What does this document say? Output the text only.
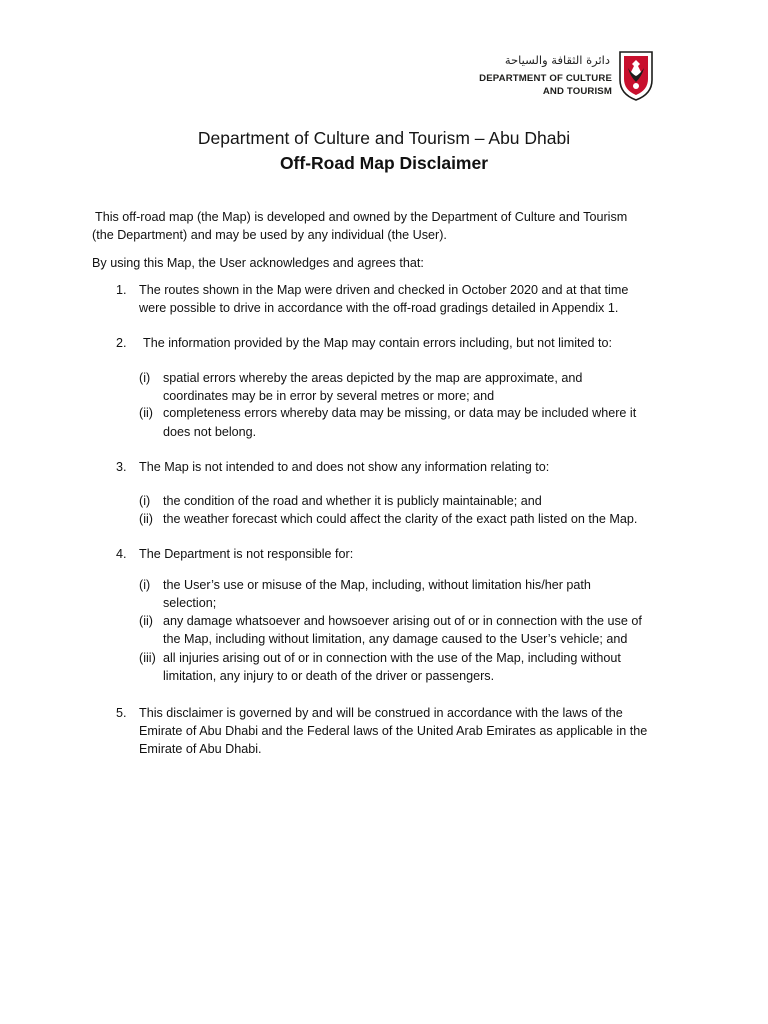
دائرة الثقافة والسياحة
DEPARTMENT OF CULTURE
AND TOURISM
Department of Culture and Tourism – Abu Dhabi
Off-Road Map Disclaimer
This off-road map (the Map) is developed and owned by the Department of Culture and Tourism
(the Department) and may be used by any individual (the User).
By using this Map, the User acknowledges and agrees that:
1. The routes shown in the Map were driven and checked in October 2020 and at that time
were possible to drive in accordance with the off-road gradings detailed in Appendix 1.
2. The information provided by the Map may contain errors including, but not limited to:
(i) spatial errors whereby the areas depicted by the map are approximate, and
coordinates may be in error by several metres or more; and
(ii) completeness errors whereby data may be missing, or data may be included where it
does not belong.
3. The Map is not intended to and does not show any information relating to:
(i) the condition of the road and whether it is publicly maintainable; and
(ii) the weather forecast which could affect the clarity of the exact path listed on the Map.
4. The Department is not responsible for:
(i) the User’s use or misuse of the Map, including, without limitation his/her path
selection;
(ii) any damage whatsoever and howsoever arising out of or in connection with the use of
the Map, including without limitation, any damage caused to the User’s vehicle; and
(iii) all injuries arising out of or in connection with the use of the Map, including without
limitation, any injury to or death of the driver or passengers.
5. This disclaimer is governed by and will be construed in accordance with the laws of the
Emirate of Abu Dhabi and the Federal laws of the United Arab Emirates as applicable in the
Emirate of Abu Dhabi.
